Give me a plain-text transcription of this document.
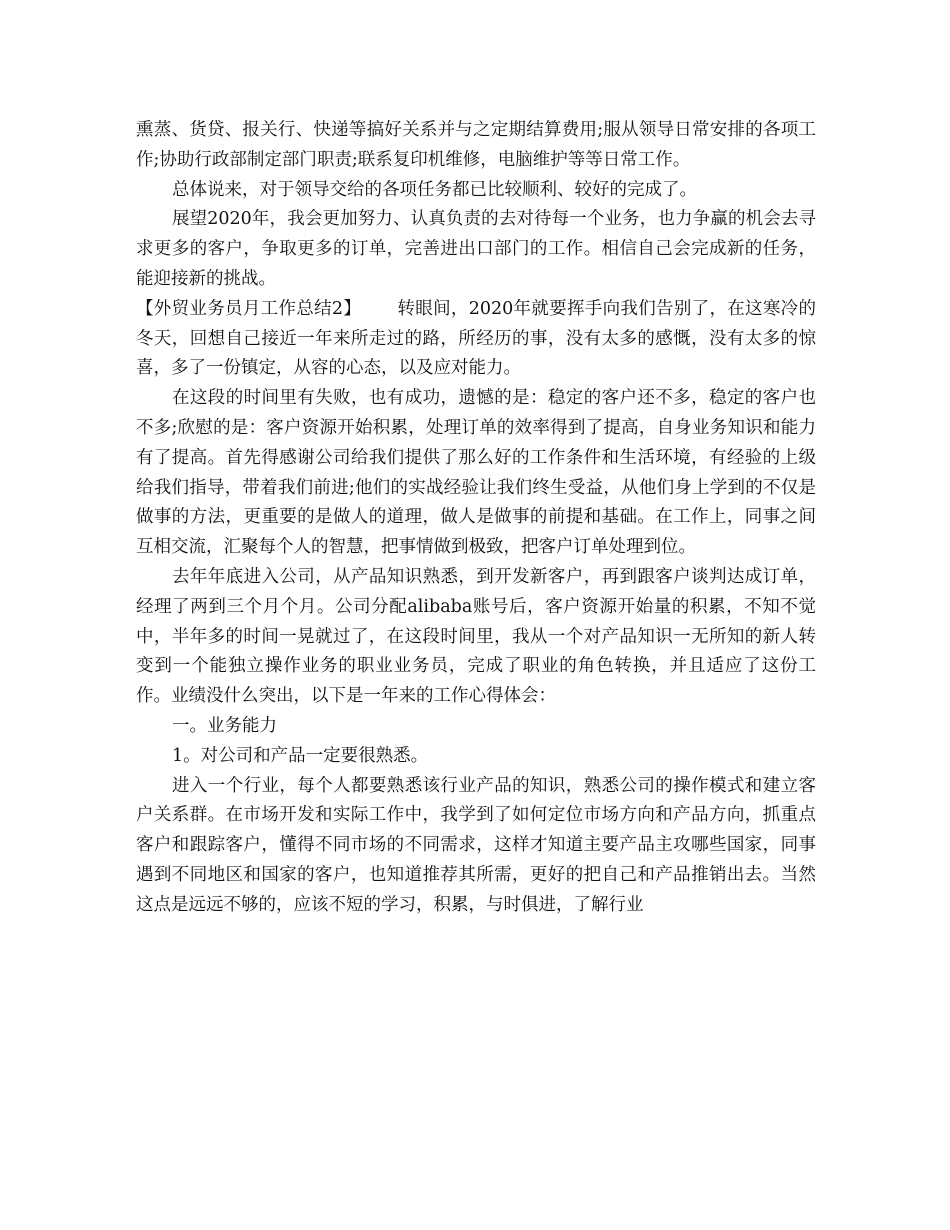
熏蒸、货贷、报关行、快递等搞好关系并与之定期结算费用;服从领导日常安排的各项工作;协助行政部制定部门职责;联系复印机维修，电脑维护等等日常工作。

总体说来，对于领导交给的各项任务都已比较顺利、较好的完成了。

展望2020年，我会更加努力、认真负责的去对待每一个业务，也力争赢的机会去寻求更多的客户，争取更多的订单，完善进出口部门的工作。相信自己会完成新的任务，能迎接新的挑战。

【外贸业务员月工作总结2】 转眼间，2020年就要挥手向我们告别了，在这寒冷的冬天，回想自己接近一年来所走过的路，所经历的事，没有太多的感慨，没有太多的惊喜，多了一份镇定，从容的心态，以及应对能力。

在这段的时间里有失败，也有成功，遗憾的是：稳定的客户还不多，稳定的客户也不多;欣慰的是：客户资源开始积累，处理订单的效率得到了提高，自身业务知识和能力有了提高。首先得感谢公司给我们提供了那么好的工作条件和生活环境，有经验的上级给我们指导，带着我们前进;他们的实战经验让我们终生受益，从他们身上学到的不仅是做事的方法，更重要的是做人的道理，做人是做事的前提和基础。在工作上，同事之间互相交流，汇聚每个人的智慧，把事情做到极致，把客户订单处理到位。

去年年底进入公司，从产品知识熟悉，到开发新客户，再到跟客户谈判达成订单，经理了两到三个月个月。公司分配alibaba账号后，客户资源开始量的积累，不知不觉中，半年多的时间一晃就过了，在这段时间里，我从一个对产品知识一无所知的新人转变到一个能独立操作业务的职业业务员，完成了职业的角色转换，并且适应了这份工作。业绩没什么突出，以下是一年来的工作心得体会：

一。业务能力

1。对公司和产品一定要很熟悉。

进入一个行业，每个人都要熟悉该行业产品的知识，熟悉公司的操作模式和建立客户关系群。在市场开发和实际工作中，我学到了如何定位市场方向和产品方向，抓重点客户和跟踪客户，懂得不同市场的不同需求，这样才知道主要产品主攻哪些国家，同事遇到不同地区和国家的客户，也知道推荐其所需，更好的把自己和产品推销出去。当然这点是远远不够的，应该不短的学习，积累，与时俱进，了解行业
